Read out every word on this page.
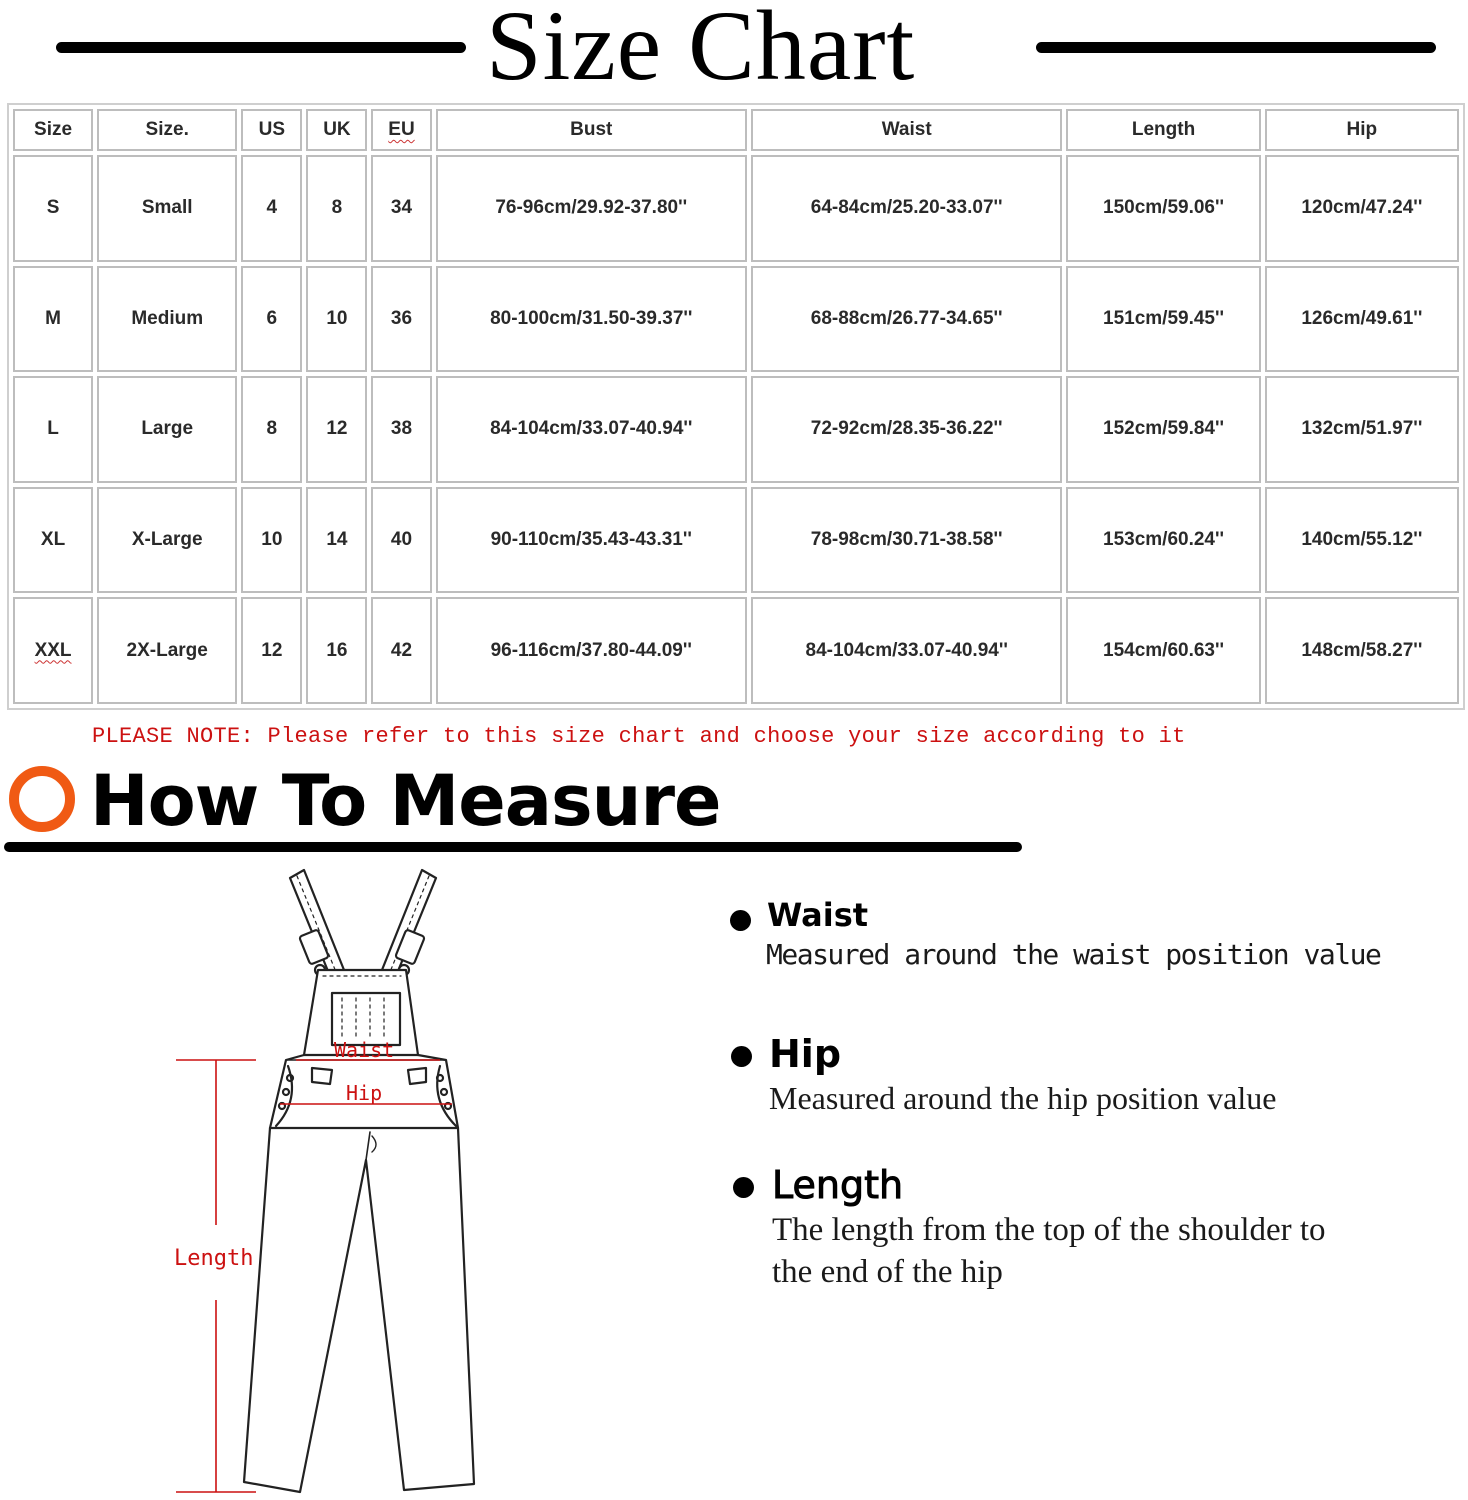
Size Chart
Size	Size.	US	UK	EU	Bust	Waist	Length	Hip
S	Small	4	8	34	76-96cm/29.92-37.80''	64-84cm/25.20-33.07''	150cm/59.06''	120cm/47.24''
M	Medium	6	10	36	80-100cm/31.50-39.37''	68-88cm/26.77-34.65''	151cm/59.45''	126cm/49.61''
L	Large	8	12	38	84-104cm/33.07-40.94''	72-92cm/28.35-36.22''	152cm/59.84''	132cm/51.97''
XL	X-Large	10	14	40	90-110cm/35.43-43.31''	78-98cm/30.71-38.58''	153cm/60.24''	140cm/55.12''
XXL	2X-Large	12	16	42	96-116cm/37.80-44.09''	84-104cm/33.07-40.94''	154cm/60.63''	148cm/58.27''
PLEASE NOTE: Please refer to this size chart and choose your size according to it
How To Measure
Waist
Hip
Length
Waist
Measured around the waist position value
Hip
Measured around the hip position value
Length
The length from the top of the shoulder to
the end of the hip
